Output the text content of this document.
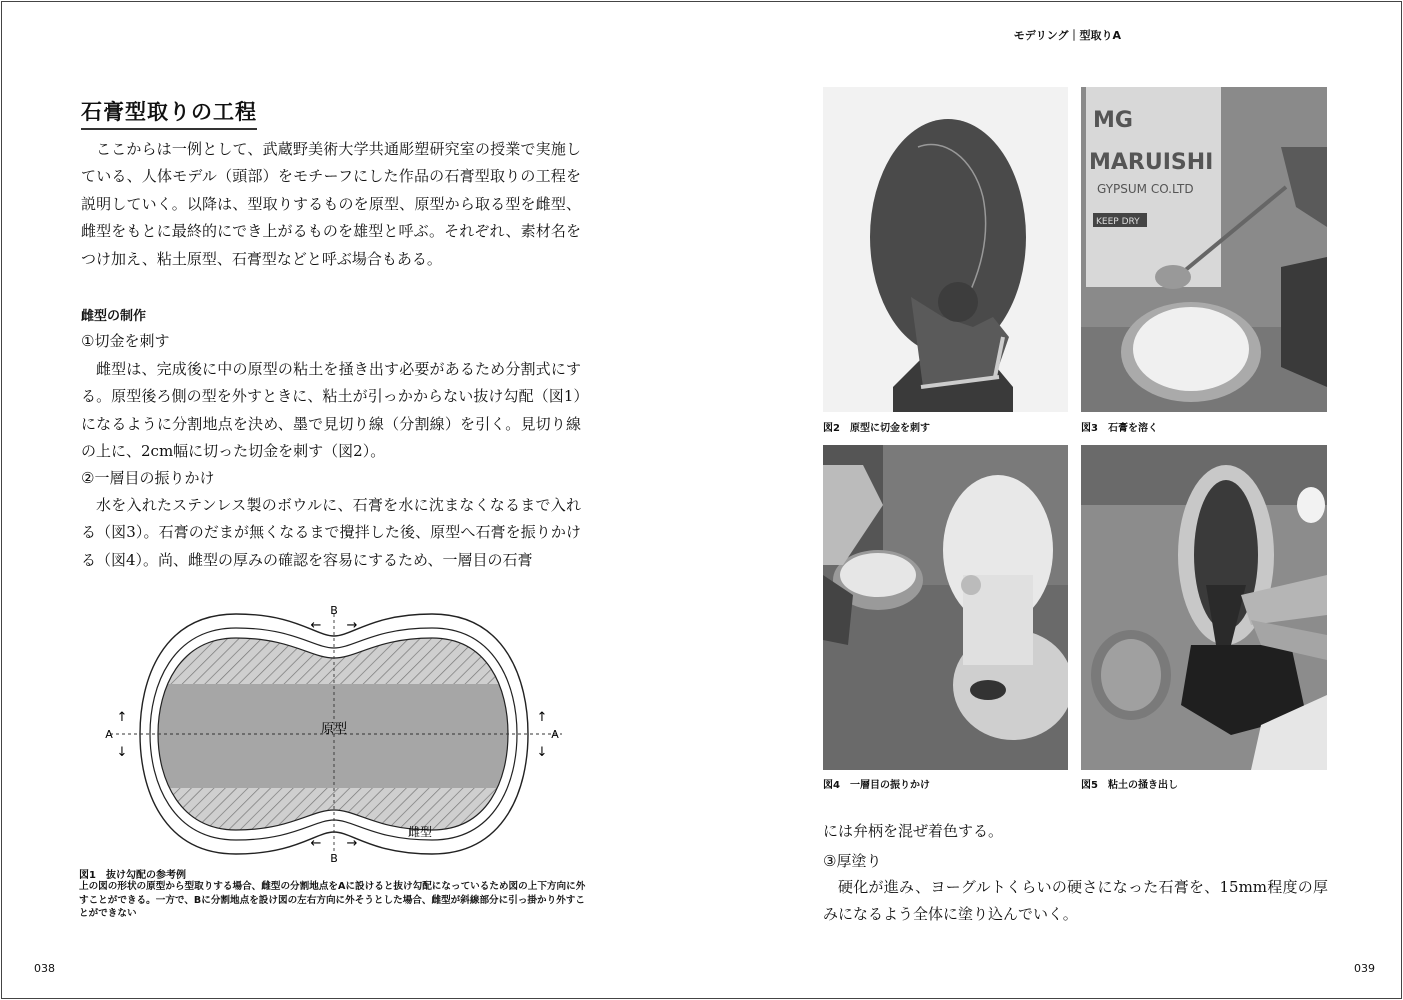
モデリング｜型取りA
石膏型取りの工程

ここからは一例として、武蔵野美術大学共通彫塑研究室の授業で実施している、人体モデル（頭部）をモチーフにした作品の石膏型取りの工程を説明していく。以降は、型取りするものを原型、原型から取る型を雌型、雌型をもとに最終的にでき上がるものを雄型と呼ぶ。それぞれ、素材名をつけ加え、粘土原型、石膏型などと呼ぶ場合もある。

雌型の制作
①切金を刺す

雌型は、完成後に中の原型の粘土を掻き出す必要があるため分割式にする。原型後ろ側の型を外すときに、粘土が引っかからない抜け勾配（図1）になるように分割地点を決め、墨で見切り線（分割線）を引く。見切り線の上に、2cm幅に切った切金を刺す（図2）。

②一層目の振りかけ

水を入れたステンレス製のボウルに、石膏を水に沈まなくなるまで入れる（図3）。石膏のだまが無くなるまで攪拌した後、原型へ石膏を振りかける（図4）。尚、雌型の厚みの確認を容易にするため、一層目の石膏

B
← →
← →
B
A
↑
↓
A
↑
↓
原型
雌型
図1　抜け勾配の参考例

上の図の形状の原型から型取りする場合、雌型の分割地点をAに設けると抜け勾配になっているため図の上下方向に外すことができる。一方で、Bに分割地点を設け図の左右方向に外そうとした場合、雌型が斜線部分に引っ掛かり外すことができない

MG
MARUISHI
GYPSUM CO.LTD
KEEP DRY
図2　原型に切金を刺す	図3　石膏を溶く
図4　一層目の振りかけ	図5　粘土の掻き出し
には弁柄を混ぜ着色する。
③厚塗り

硬化が進み、ヨーグルトくらいの硬さになった石膏を、15mm程度の厚みになるよう全体に塗り込んでいく。

038	039
